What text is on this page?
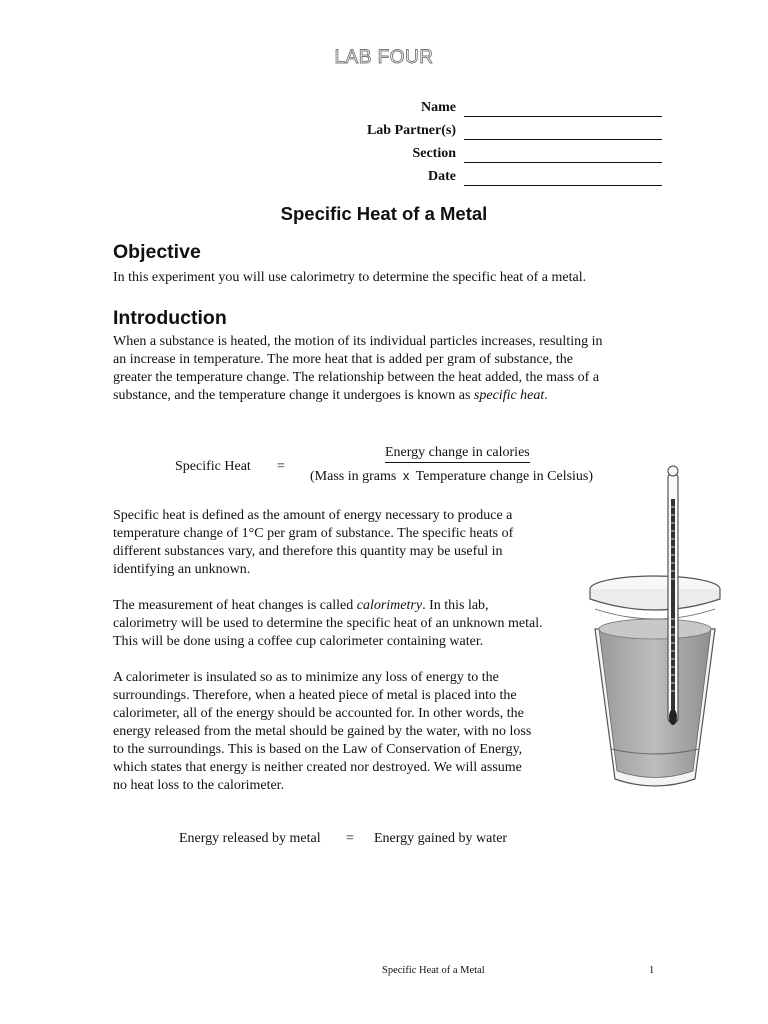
LAB FOUR
Name
Lab Partner(s)
Section
Date
Specific Heat of a Metal
Objective

In this experiment you will use calorimetry to determine the specific heat of a metal.

Introduction

When a substance is heated, the motion of its individual particles increases, resulting in
an increase in temperature. The more heat that is added per gram of substance, the
greater the temperature change. The relationship between the heat added, the mass of a
substance, and the temperature change it undergoes is known as specific heat.

Specific Heat =
Energy change in calories
(Mass in grams x Temperature change in Celsius)

Specific heat is defined as the amount of energy necessary to produce a
temperature change of 1°C per gram of substance. The specific heats of
different substances vary, and therefore this quantity may be useful in
identifying an unknown.

The measurement of heat changes is called calorimetry. In this lab,
calorimetry will be used to determine the specific heat of an unknown metal.
This will be done using a coffee cup calorimeter containing water.

A calorimeter is insulated so as to minimize any loss of energy to the
surroundings. Therefore, when a heated piece of metal is placed into the
calorimeter, all of the energy should be accounted for. In other words, the
energy released from the metal should be gained by the water, with no loss
to the surroundings. This is based on the Law of Conservation of Energy,
which states that energy is neither created nor destroyed. We will assume
no heat loss to the calorimeter.

Energy released by metal = Energy gained by water
Specific Heat of a Metal	1
